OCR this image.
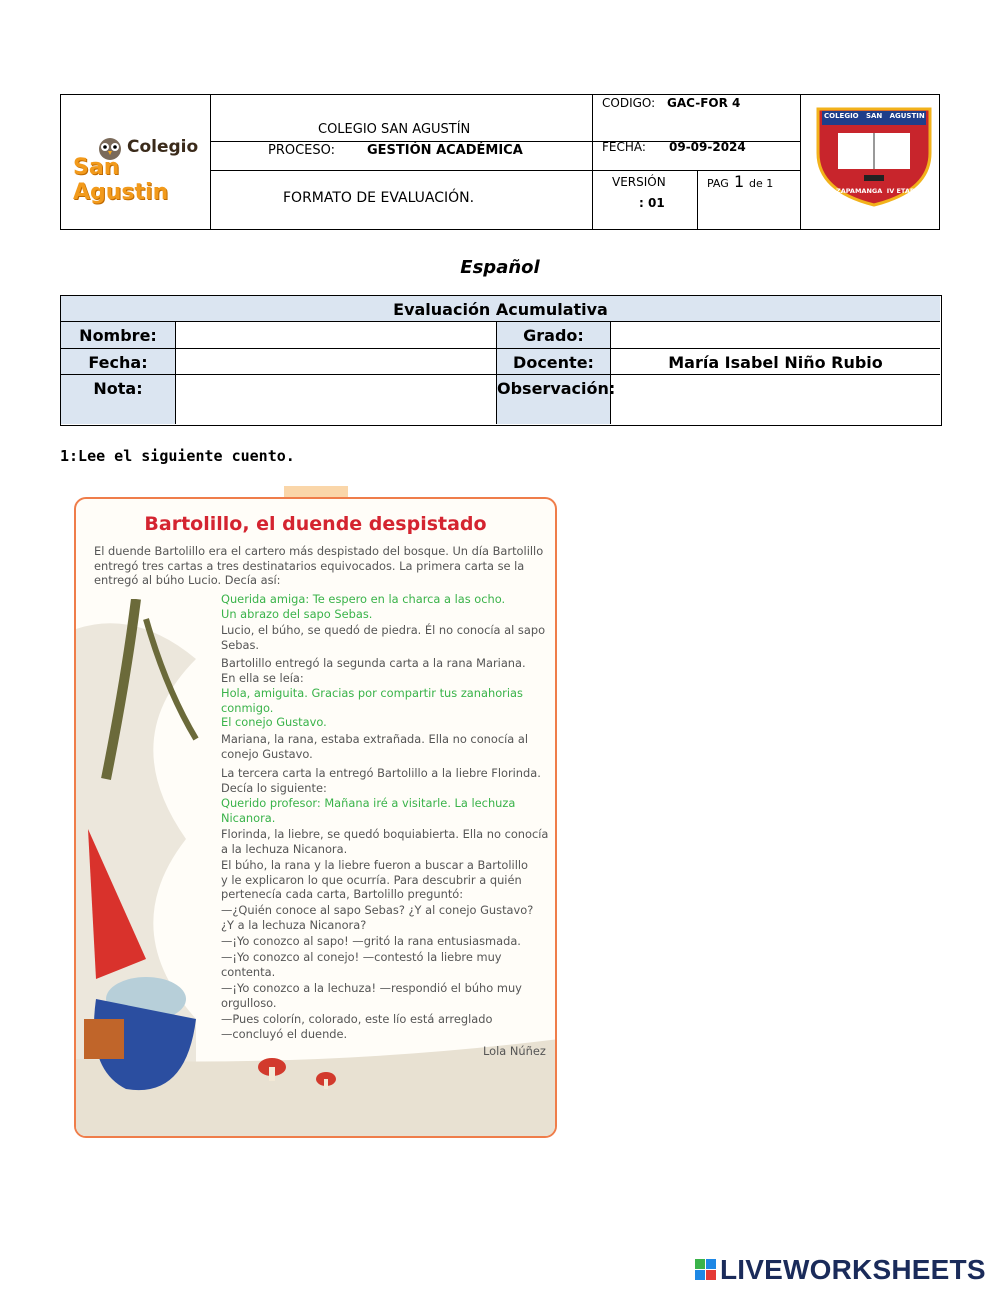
Colegio
San Agustin
COLEGIO SAN AGUSTÍN
PROCESO: GESTIÓN ACADÉMICA
FORMATO DE EVALUACIÓN.
CODIGO: GAC-FOR 4
FECHA: 09-09-2024
VERSIÓN
: 01
PAG 1 de 1
COLEGIO   SAN   AGUSTIN
ZAPAMANGA  IV ETAPA
Español
Evaluación Acumulativa
Nombre:	Grado:
Fecha:	Docente:	María Isabel Niño Rubio
Nota:	Observación:
1:Lee el siguiente cuento.
Bartolillo, el duende despistado
El duende Bartolillo era el cartero más despistado del bosque. Un día Bartolillo
entregó tres cartas a tres destinatarios equivocados. La primera carta se la
entregó al búho Lucio. Decía así:
Querida amiga: Te espero en la charca a las ocho.
Un abrazo del sapo Sebas.
Lucio, el búho, se quedó de piedra. Él no conocía al sapo
Sebas.
Bartolillo entregó la segunda carta a la rana Mariana.
En ella se leía:
Hola, amiguita. Gracias por compartir tus zanahorias
conmigo.
El conejo Gustavo.
Mariana, la rana, estaba extrañada. Ella no conocía al
conejo Gustavo.
La tercera carta la entregó Bartolillo a la liebre Florinda.
Decía lo siguiente:
Querido profesor: Mañana iré a visitarle. La lechuza
Nicanora.
Florinda, la liebre, se quedó boquiabierta. Ella no conocía
a la lechuza Nicanora.
El búho, la rana y la liebre fueron a buscar a Bartolillo
y le explicaron lo que ocurría. Para descubrir a quién
pertenecía cada carta, Bartolillo preguntó:
—¿Quién conoce al sapo Sebas? ¿Y al conejo Gustavo?
¿Y a la lechuza Nicanora?
—¡Yo conozco al sapo! —gritó la rana entusiasmada.
—¡Yo conozco al conejo! —contestó la liebre muy
contenta.
—¡Yo conozco a la lechuza! —respondió el búho muy
orgulloso.
—Pues colorín, colorado, este lío está arreglado
—concluyó el duende.
Lola Núñez
LIVEWORKSHEETS
